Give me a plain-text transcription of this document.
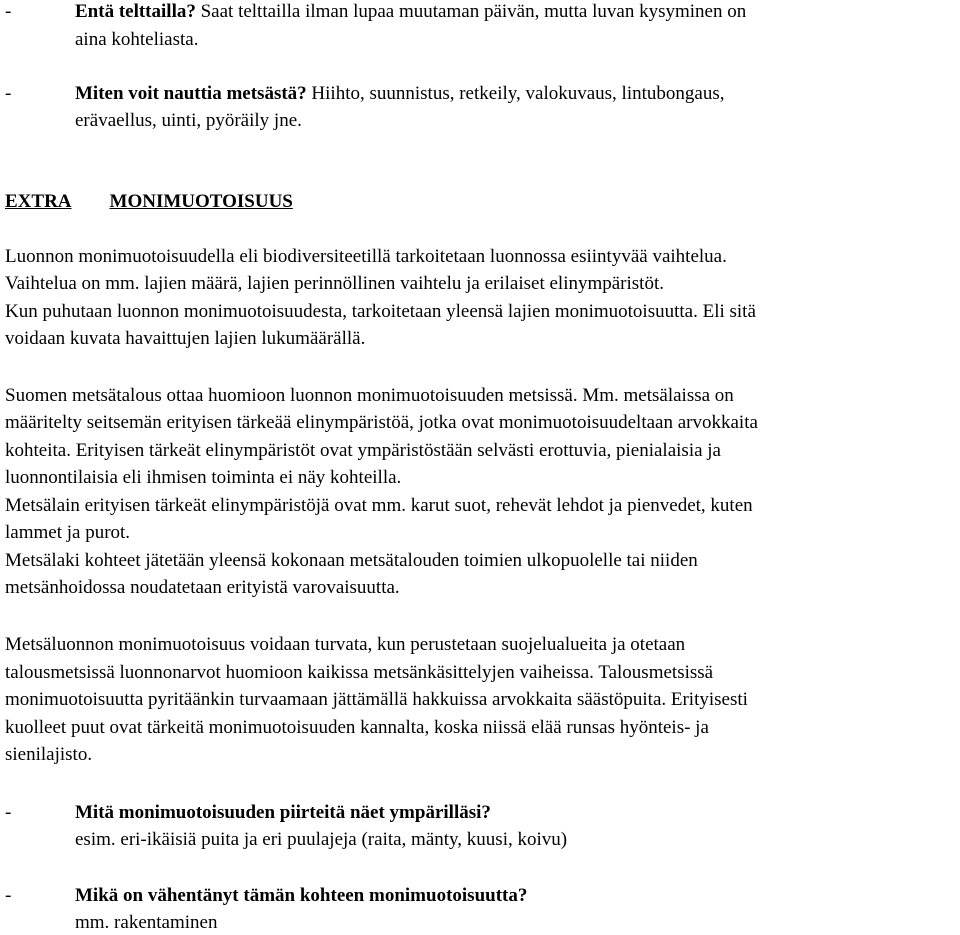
-	Entä telttailla? Saat telttailla ilman lupaa muutaman päivän, mutta luvan kysyminen on
aina kohteliasta.
-	Miten voit nauttia metsästä? Hiihto, suunnistus, retkeily, valokuvaus, lintubongaus,
erävaellus, uinti, pyöräily jne.
EXTRA MONIMUOTOISUUS
Luonnon monimuotoisuudella eli biodiversiteetillä tarkoitetaan luonnossa esiintyvää vaihtelua.
Vaihtelua on mm. lajien määrä, lajien perinnöllinen vaihtelu ja erilaiset elinympäristöt.
Kun puhutaan luonnon monimuotoisuudesta, tarkoitetaan yleensä lajien monimuotoisuutta. Eli sitä
voidaan kuvata havaittujen lajien lukumäärällä.
Suomen metsätalous ottaa huomioon luonnon monimuotoisuuden metsissä. Mm. metsälaissa on
määritelty seitsemän erityisen tärkeää elinympäristöä, jotka ovat monimuotoisuudeltaan arvokkaita
kohteita. Erityisen tärkeät elinympäristöt ovat ympäristöstään selvästi erottuvia, pienialaisia ja
luonnontilaisia eli ihmisen toiminta ei näy kohteilla.
Metsälain erityisen tärkeät elinympäristöjä ovat mm. karut suot, rehevät lehdot ja pienvedet, kuten
lammet ja purot.
Metsälaki kohteet jätetään yleensä kokonaan metsätalouden toimien ulkopuolelle tai niiden
metsänhoidossa noudatetaan erityistä varovaisuutta.
Metsäluonnon monimuotoisuus voidaan turvata, kun perustetaan suojelualueita ja otetaan
talousmetsissä luonnonarvot huomioon kaikissa metsänkäsittelyjen vaiheissa. Talousmetsissä
monimuotoisuutta pyritäänkin turvaamaan jättämällä hakkuissa arvokkaita säästöpuita. Erityisesti
kuolleet puut ovat tärkeitä monimuotoisuuden kannalta, koska niissä elää runsas hyönteis- ja
sienilajisto.
-	Mitä monimuotoisuuden piirteitä näet ympärilläsi?
esim. eri-ikäisiä puita ja eri puulajeja (raita, mänty, kuusi, koivu)
-	Mikä on vähentänyt tämän kohteen monimuotoisuutta?
mm. rakentaminen
